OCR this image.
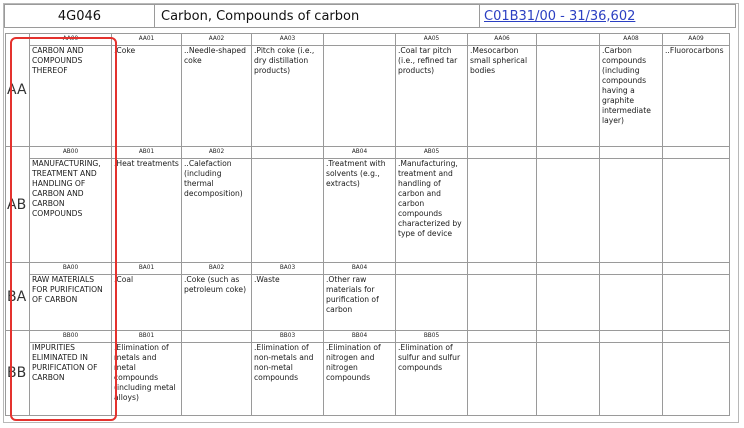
4G046	Carbon, Compounds of carbon	C01B31/00 - 31/36,602
AA	AA00	AA01	AA02	AA03		AA05	AA06		AA08	AA09
	CARBON AND COMPOUNDS THEREOF	.Coke	..Needle-shaped coke	.Pitch coke (i.e., dry distillation products)		.Coal tar pitch (i.e., refined tar products)	.Mesocarbon small spherical bodies		.Carbon compounds (including compounds having a graphite intermediate layer)	..Fluorocarbons
AB	AB00	AB01	AB02		AB04	AB05				
	MANUFACTURING, TREATMENT AND HANDLING OF CARBON AND CARBON COMPOUNDS	.Heat treatments	..Calefaction (including thermal decomposition)		.Treatment with solvents (e.g., extracts)	.Manufacturing, treatment and handling of carbon and carbon compounds characterized by type of device				
BA	BA00	BA01	BA02	BA03	BA04					
	RAW MATERIALS FOR PURIFICATION OF CARBON	.Coal	.Coke (such as petroleum coke)	.Waste	.Other raw materials for purification of carbon					
BB	BB00	BB01		BB03	BB04	BB05				
	IMPURITIES ELIMINATED IN PURIFICATION OF CARBON	.Elimination of metals and metal compounds (including metal alloys)		.Elimination of non-metals and non-metal compounds	.Elimination of nitrogen and nitrogen compounds	.Elimination of sulfur and sulfur compounds				
